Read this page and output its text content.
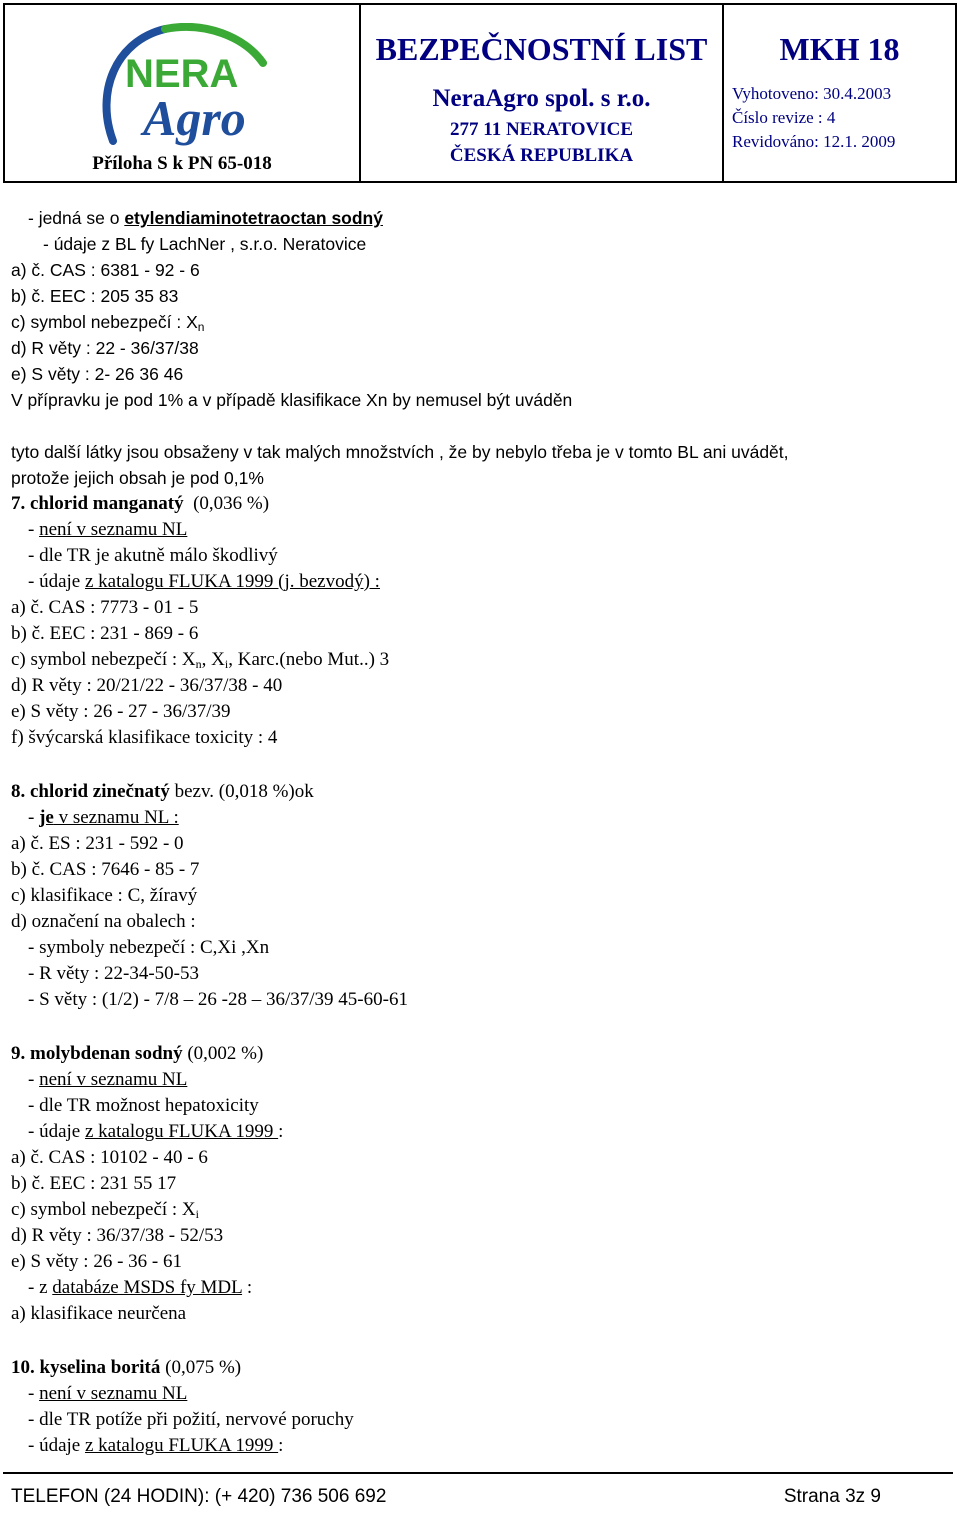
NERA
Agro
Příloha S k PN 65-018
BEZPEČNOSTNÍ LIST
NeraAgro spol. s r.o.
277 11 NERATOVICE
ČESKÁ REPUBLIKA
MKH 18
Vyhotoveno: 30.4.2003
Číslo revize : 4
Revidováno: 12.1. 2009
- jedná se o etylendiaminotetraoctan sodný
- údaje z BL fy LachNer , s.r.o. Neratovice
a) č. CAS : 6381 - 92 - 6
b) č. EEC : 205 35 83
c) symbol nebezpečí : $X_n$
d) R věty : 22 - 36/37/38
e) S věty : 2- 26 36 46
V přípravku je pod 1% a v případě klasifikace Xn by nemusel být uváděn
tyto další látky jsou obsaženy v tak malých množstvích , že by nebylo třeba je v tomto BL ani uvádět,
protože jejich obsah je pod 0,1%
7. chlorid manganatý (0,036 %)
- není v seznamu NL
- dle TR je akutně málo škodlivý
- údaje z katalogu FLUKA 1999 (j. bezvodý) :
a) č. CAS : 7773 - 01 - 5
b) č. EEC : 231 - 869 - 6
c) symbol nebezpečí : $X_n$, $X_i$, Karc.(nebo Mut..) 3
d) R věty : 20/21/22 - 36/37/38 - 40
e) S věty : 26 - 27 - 36/37/39
f) švýcarská klasifikace toxicity : 4
8. chlorid zinečnatý bezv. (0,018 %)ok
- je v seznamu NL :
a) č. ES : 231 - 592 - 0
b) č. CAS : 7646 - 85 - 7
c) klasifikace : C, žíravý
d) označení na obalech :
- symboly nebezpečí : C,Xi ,Xn
- R věty : 22-34-50-53
- S věty : (1/2) - 7/8 – 26 -28 – 36/37/39 45-60-61
9. molybdenan sodný (0,002 %)
- není v seznamu NL
- dle TR možnost hepatoxicity
- údaje z katalogu FLUKA 1999 :
a) č. CAS : 10102 - 40 - 6
b) č. EEC : 231 55 17
c) symbol nebezpečí : $X_i$
d) R věty : 36/37/38 - 52/53
e) S věty : 26 - 36 - 61
- z databáze MSDS fy MDL :
a) klasifikace neurčena
10. kyselina boritá (0,075 %)
- není v seznamu NL
- dle TR potíže při požití, nervové poruchy
- údaje z katalogu FLUKA 1999 :
TELEFON (24 HODIN): (+ 420) 736 506 692	Strana 3z 9
